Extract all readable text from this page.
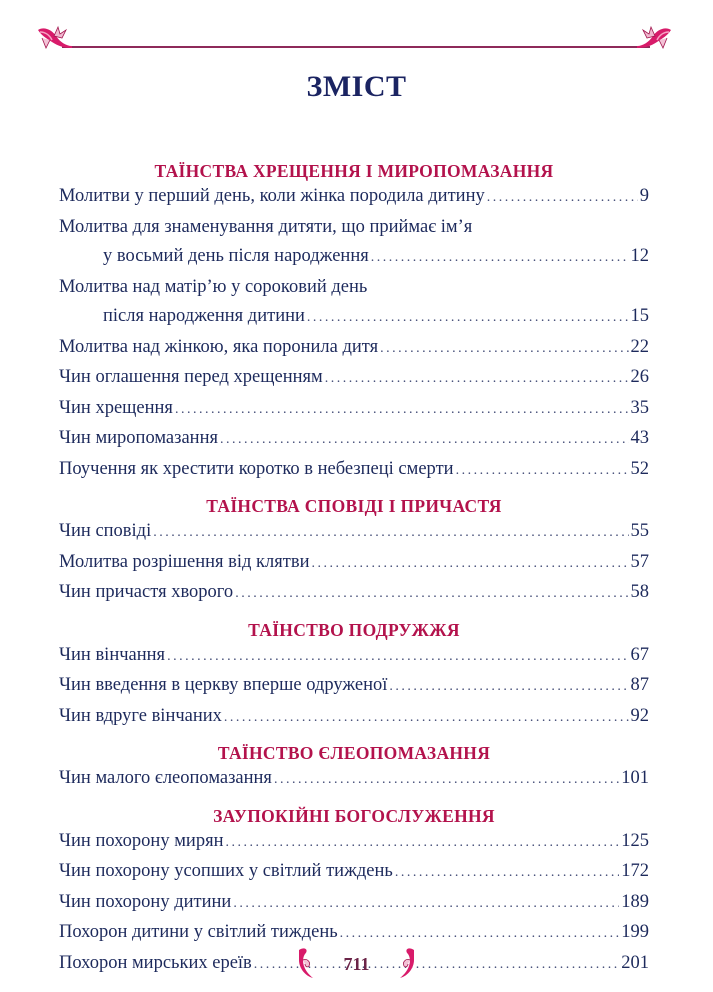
ЗМІСТ
ТАЇНСТВА ХРЕЩЕННЯ І МИРОПОМАЗАННЯ
Молитви у перший день, коли жінка породила дитину .....	9
Молитва для знаменування дитяти, що приймає ім’я
у восьмий день після народження .....	12
Молитва над матір’ю у сороковий день
після народження дитини .....	15
Молитва над жінкою, яка поронила дитя .....	22
Чин оглашення перед хрещенням .....	26
Чин хрещення .....	35
Чин миропомазання .....	43
Поучення як хрестити коротко в небезпеці смерти .....	52
ТАЇНСТВА СПОВІДІ І ПРИЧАСТЯ
Чин сповіді .....	55
Молитва розрішення від клятви .....	57
Чин причастя хворого .....	58
ТАЇНСТВО ПОДРУЖЖЯ
Чин вінчання .....	67
Чин введення в церкву вперше одруженої .....	87
Чин вдруге вінчаних .....	92
ТАЇНСТВО ЄЛЕОПОМАЗАННЯ
Чин малого єлеопомазання .....	101
ЗАУПОКІЙНІ БОГОСЛУЖЕННЯ
Чин похорону мирян .....	125
Чин похорону усопших у світлий тиждень .....	172
Чин похорону дитини .....	189
Похорон дитини у світлий тиждень .....	199
Похорон мирських ереїв .....	201
711
